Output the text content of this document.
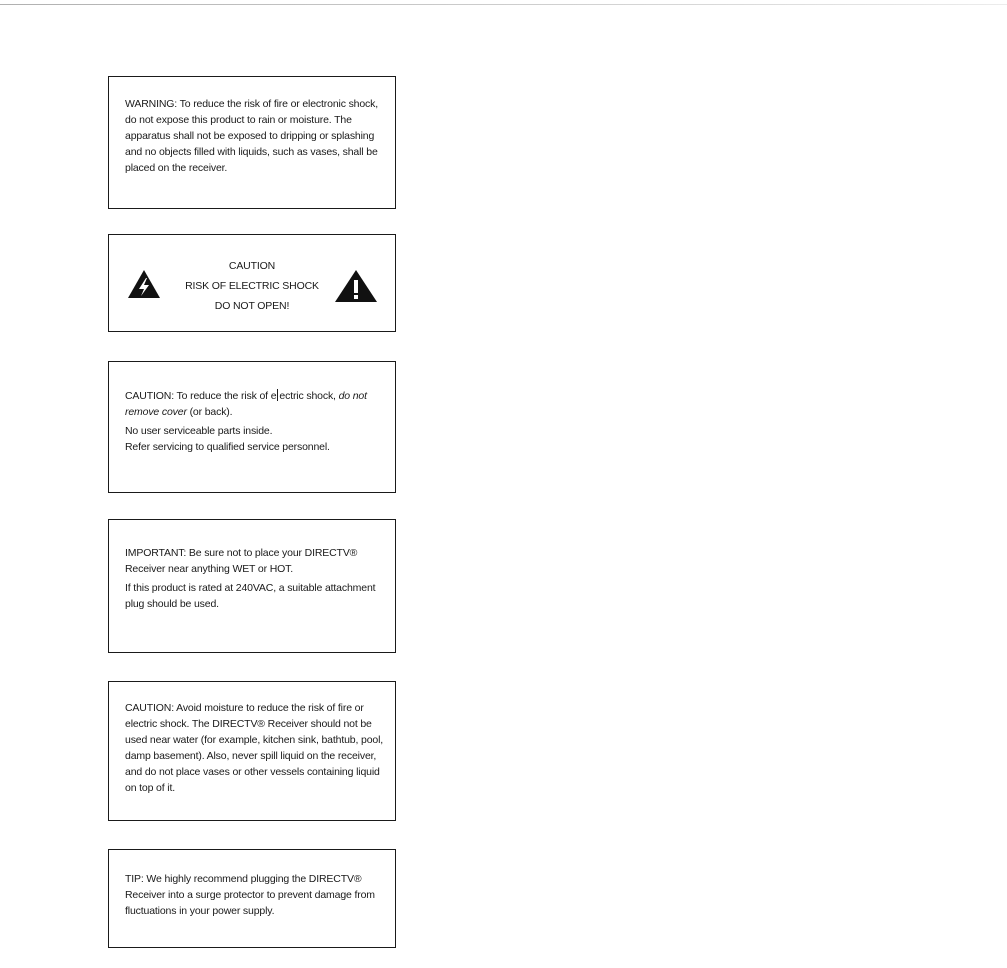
WARNING: To reduce the risk of fire or electronic shock, do not expose this product to rain or moisture. The apparatus shall not be exposed to dripping or splashing and no objects filled with liquids, such as vases, shall be placed on the receiver.

CAUTION
RISK OF ELECTRIC SHOCK
DO NOT OPEN!

CAUTION: To reduce the risk of e ectric shock, do not remove cover (or back).

No user serviceable parts inside.

Refer servicing to qualified service personnel.

IMPORTANT: Be sure not to place your DIRECTV® Receiver near anything WET or HOT.

If this product is rated at 240VAC, a suitable attachment plug should be used.

CAUTION: Avoid moisture to reduce the risk of fire or electric shock. The DIRECTV® Receiver should not be used near water (for example, kitchen sink, bathtub, pool, damp basement). Also, never spill liquid on the receiver, and do not place vases or other vessels containing liquid on top of it.

TIP: We highly recommend plugging the DIRECTV® Receiver into a surge protector to prevent damage from fluctuations in your power supply.
